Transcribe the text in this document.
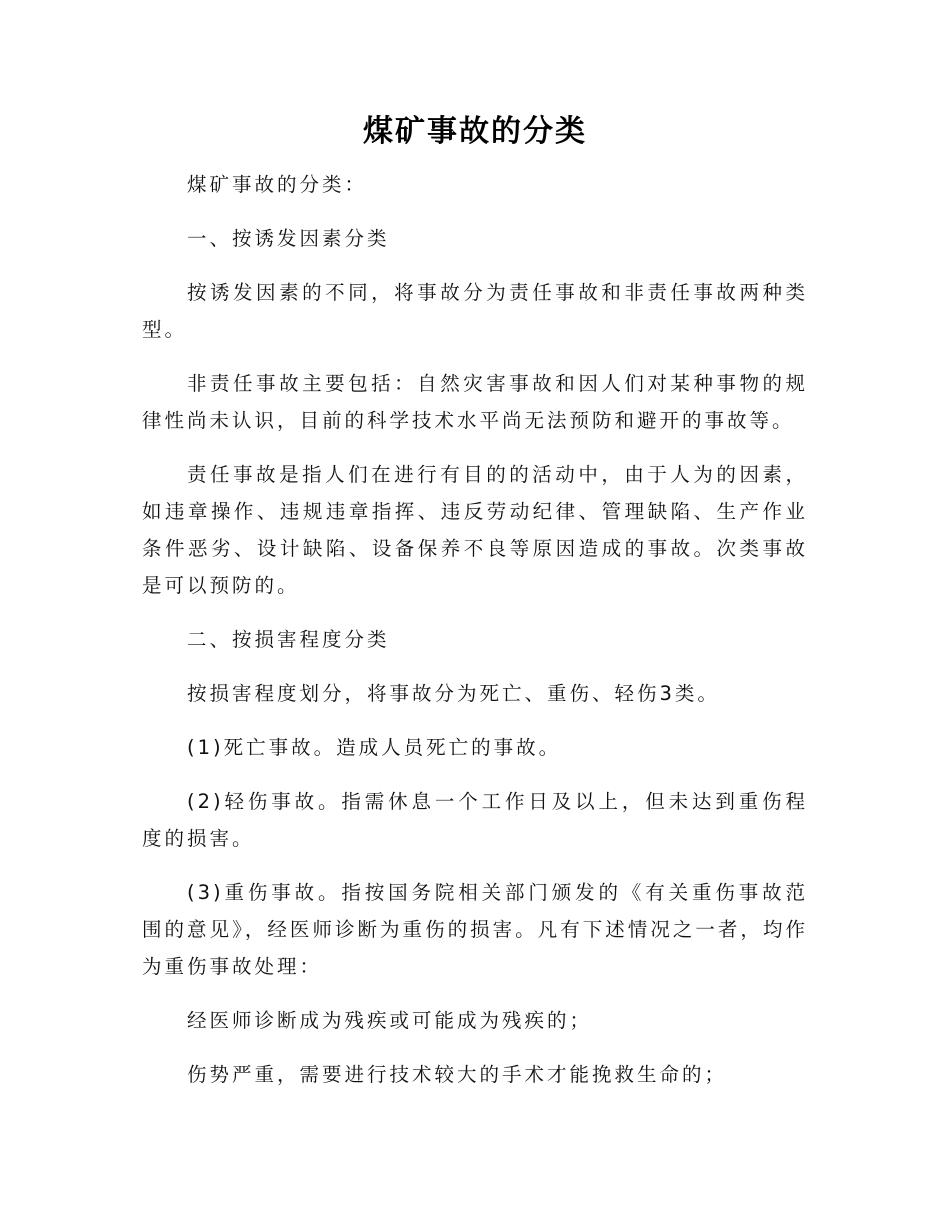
煤矿事故的分类

煤矿事故的分类：

一、按诱发因素分类

按诱发因素的不同，将事故分为责任事故和非责任事故两种类型。

非责任事故主要包括：自然灾害事故和因人们对某种事物的规律性尚未认识，目前的科学技术水平尚无法预防和避开的事故等。

责任事故是指人们在进行有目的的活动中，由于人为的因素，如违章操作、违规违章指挥、违反劳动纪律、管理缺陷、生产作业条件恶劣、设计缺陷、设备保养不良等原因造成的事故。次类事故是可以预防的。

二、按损害程度分类

按损害程度划分，将事故分为死亡、重伤、轻伤3类。

(1)死亡事故。造成人员死亡的事故。

(2)轻伤事故。指需休息一个工作日及以上，但未达到重伤程度的损害。

(3)重伤事故。指按国务院相关部门颁发的《有关重伤事故范围的意见》，经医师诊断为重伤的损害。凡有下述情况之一者，均作为重伤事故处理：

经医师诊断成为残疾或可能成为残疾的；

伤势严重，需要进行技术较大的手术才能挽救生命的；
